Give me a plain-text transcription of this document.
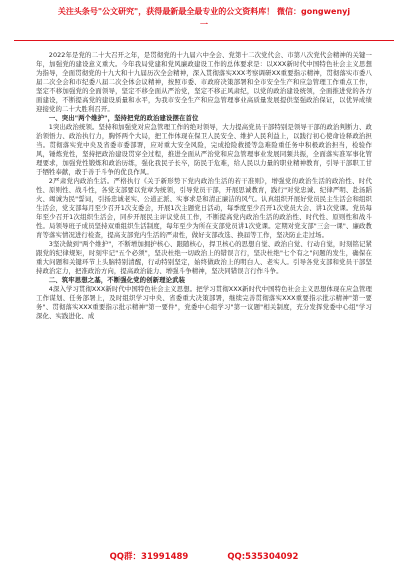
关注头条号"公文研究"，获得最新最全最专业的公文资料库！ 微信：gongwenyj
一

2022年是党的二十大召开之年，是贯彻党的十九届六中全会、党第十二次党代会、市第八次党代会精神的关键一年，加强党的建设意义重大。今年我局党建和党风廉政建设工作的总体要求是：以XXX新时代中国特色社会主义思想为指导，全面贯彻党的十九大和十九届历次全会精神，深入贯彻落实XXX考察调研XX重要指示精神，贯彻落实市委八届二次全会和市纪委八届二次全体会议精神，按照市委、市政府决策部署和全市安全生产和应急管理工作重点工作，坚定不移加强党的全面领导，坚定不移全面从严治党，坚定不移正风肃纪，以党的政治建设统领，全面推进党的各方面建设，不断提高党的建设质量和水平，为我市安全生产和应急管理事业高质量发展提供坚强政治保证，以优异成绩迎接党的二十大胜利召开。

一、突出"两个维护"，坚持把党的政治建设摆在首位

1突出政治统领。坚持和加强党对应急管理工作的绝对领导，大力提高党员干部特别是领导干部的政治判断力、政治领悟力、政治执行力，胸怀两个大局，把工作体现在保卫人民安全、维护人民利益上，以践行初心使命诠释政治担当。贯彻落实党中央及省委市委部署，应对重大安全风险，完成抢险救援等急难险重任务中积极政治担当，检验作风，锤炼党性，坚持把政治建设贯穿全过程，推进全面从严治党和应急管理事业发展同频共振，全面落实准军事化管理要求，加强党性锻炼和政治历练，强化我民子长卒，防民于危难，给人民以力量的职业精神教育，引导干部职工甘于牺牲奉献，敢于善于斗争的优良作风。

2严肃党内政治生活。严格执行《关于新形势下党内政治生活的若干准则》，增强党的政治生活的政治性、时代性、原则性、战斗性，各党支部要以党章为统领，引导党员干部，开展思诚教育，践行"对党忠诚、纪律严明、赴汤蹈火、竭诚为民"誓词，引扬忠诚老实、公道正派、实事求是和清正廉洁的风气。认真组织开展好党员民主生活会和组织生活会，党支部每月至少召开1次支委会，开展1次主题党日活动，每季度至少召开1次党员大会、讲1次党课。党员每年至少召开1次组织生活会，同步开展民主评议党员工作，不断提高党内政治生活的政治性、时代性、原则性和战斗性。局领导班子成员坚持双重组织生活制度，每年至少为所在支部党员讲1次党课。定期对党支部"三会一课"、廉政教育等落实情况进行检查，提高支部党内生活的严肃性，做好支部改选、换届等工作，坚决防止走过场。

3坚决做到"两个维护"，不断增加拥护核心、跟随核心，捍卫核心的思想自觉、政治自觉、行动自觉，时刻铭记紧跟党的纪律规矩，时刻牢记"五个必须"，坚决杜绝一切政治上的错误言行，坚决杜绝"七个有之"问题的发生，确保在重大问题和关键环节上头脑特别清醒，行动特别坚定，始终做政治上的明白人、老实人。引导各党支部和党员干部坚持政治定力，把准政治方向，提高政治能力、增强斗争精神，坚决同错误言行作斗争。

二、筑牢思想之基，不断强化党的创新理论武装

4深入学习贯彻XXX新时代中国特色社会主义思想。把学习贯彻XXX新时代中国特色社会主义思想体现在应急管理工作谋划、任务部署上，及时组织学习中央、省委重大决策部署，继续完善贯彻落实XXX重要指示批示精神"第一要务"、贯彻落实XXX重要指示批示精神"第一要件"，党委中心组学习"第一议题"相关制度，充分发挥党委中心组"学习深化、实践进化、成

QQ群：31991489	QQ:535304092
